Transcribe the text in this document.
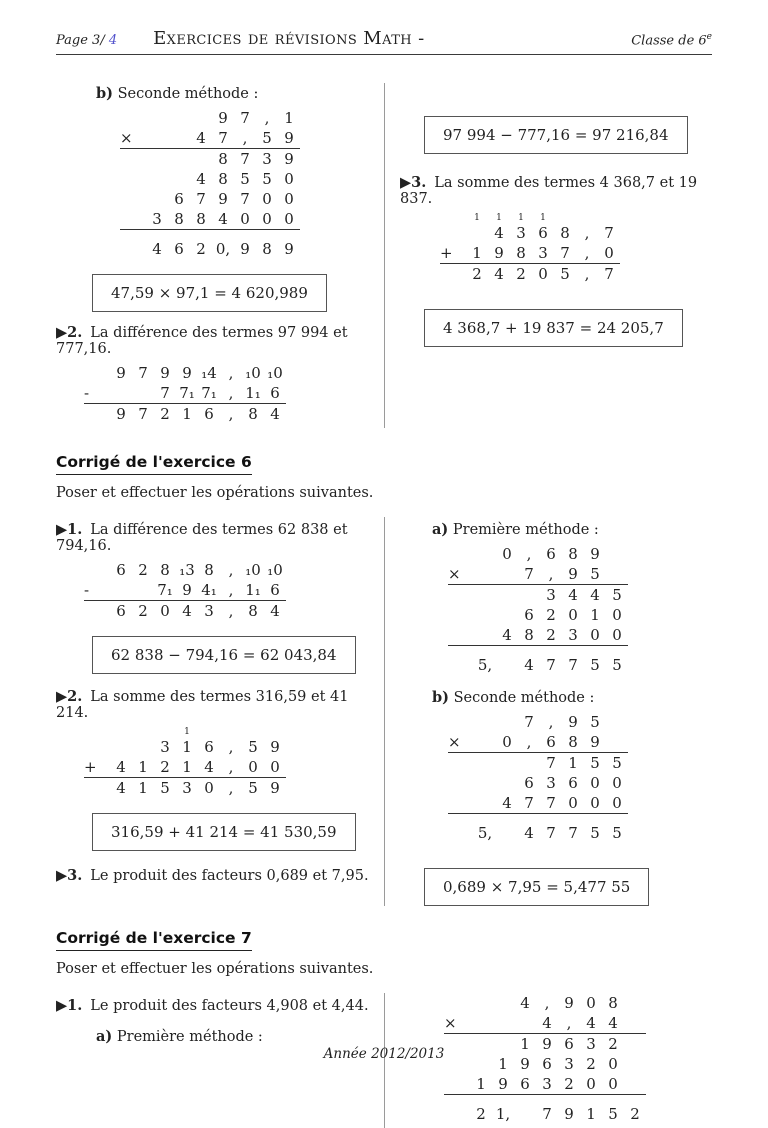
Page 3/ 4 Exercices de révisions Math -	Classe de 6e
b) Seconde méthode :
9 7 , 1
×	4 7 , 5 9
8 7 3 9
4 8 5 5 0
6 7 9 7 0 0
3 8 8 4 0 0 0
4 6 2 0, 9 8 9
47,59 × 97,1 = 4 620,989
▶2. La différence des termes 97 994 et 777,16.
9 7 9 9 ₁4 , ₁0 ₁0
-	7 7₁ 7₁ , 1₁ 6
9 7 2 1 6 , 8 4
97 994 − 777,16 = 97 216,84
▶3. La somme des termes 4 368,7 et 19 837.
1	1	1	1
4 3 6 8 , 7
+	1 9 8 3 7 , 0
2 4 2 0 5 , 7
4 368,7 + 19 837 = 24 205,7
Corrigé de l'exercice 6
Poser et effectuer les opérations suivantes.
▶1. La différence des termes 62 838 et 794,16.
6 2 8 ₁3 8 , ₁0 ₁0
-	7₁ 9 4₁ , 1₁ 6
6 2 0 4 3 , 8 4
62 838 − 794,16 = 62 043,84
▶2. La somme des termes 316,59 et 41 214.
1
3 1 6 , 5 9
+	4 1 2 1 4 , 0 0
4 1 5 3 0 , 5 9
316,59 + 41 214 = 41 530,59
▶3. Le produit des facteurs 0,689 et 7,95.
a) Première méthode :
0 , 6 8 9
×	7 , 9 5
3 4 4 5
6 2 0 1 0
4 8 2 3 0 0
5,	4 7 7 5 5
b) Seconde méthode :
7 , 9 5
×	0 , 6 8 9
7 1 5 5
6 3 6 0 0
4 7 7 0 0 0
5,	4 7 7 5 5
0,689 × 7,95 = 5,477 55
Corrigé de l'exercice 7
Poser et effectuer les opérations suivantes.
▶1. Le produit des facteurs 4,908 et 4,44.
a) Première méthode :
4 , 9 0 8
×	4 , 4 4
1 9 6 3 2
1 9 6 3 2 0
1 9 6 3 2 0 0
2 1,	7 9 1 5 2
Année 2012/2013
